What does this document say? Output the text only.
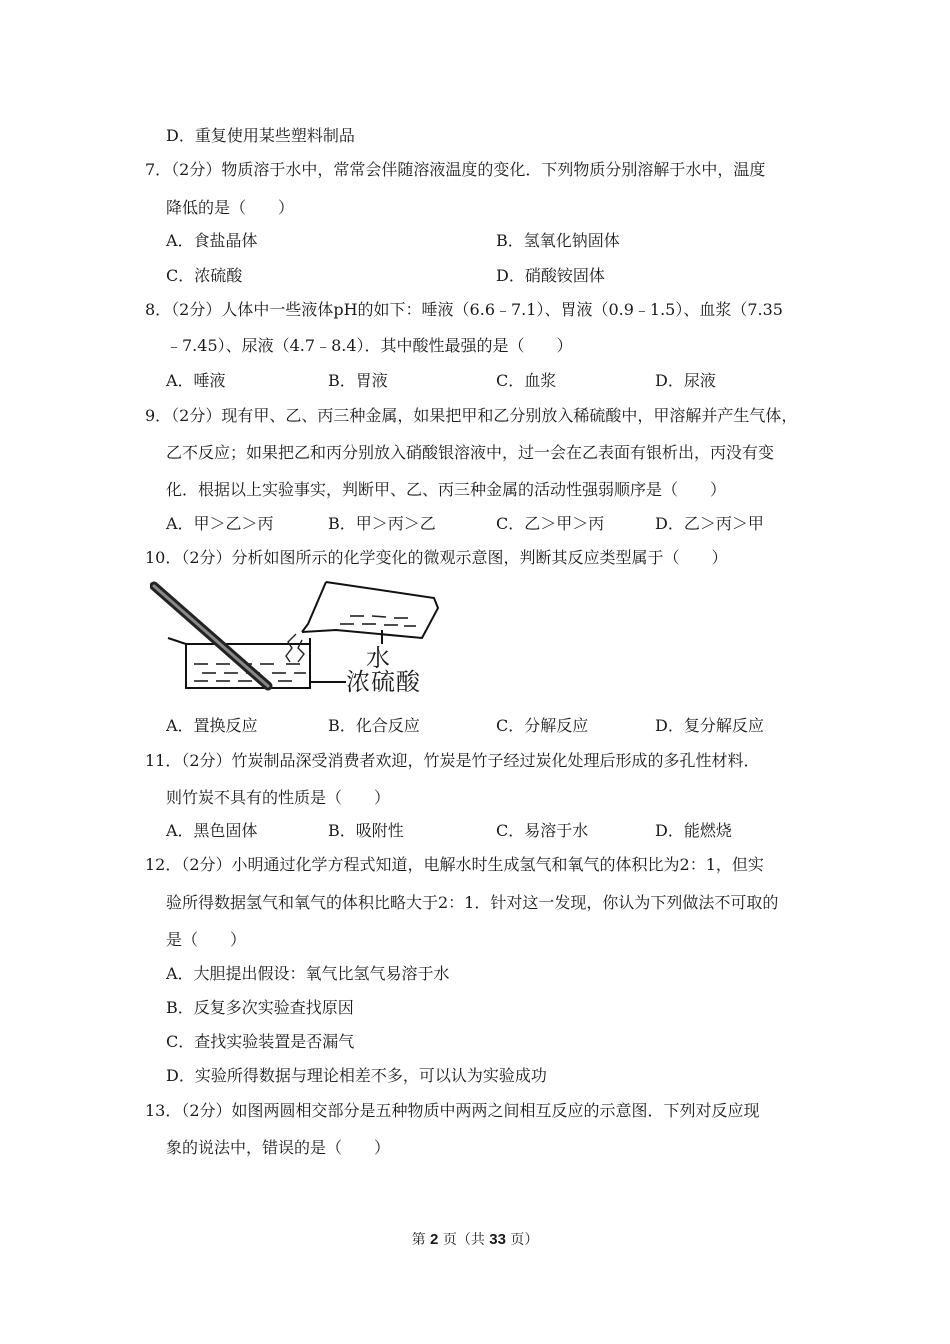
D．重复使用某些塑料制品
7．（2分）物质溶于水中，常常会伴随溶液温度的变化．下列物质分别溶解于水中，温度
降低的是（　　）
A．食盐晶体	B．氢氧化钠固体
C．浓硫酸	D．硝酸铵固体
8．（2分）人体中一些液体pH的如下：唾液（6.6﹣7.1）、胃液（0.9﹣1.5）、血浆（7.35
﹣7.45）、尿液（4.7﹣8.4）．其中酸性最强的是（　　）
A．唾液	B．胃液	C．血浆	D．尿液
9．（2分）现有甲、乙、丙三种金属，如果把甲和乙分别放入稀硫酸中，甲溶解并产生气体，
乙不反应；如果把乙和丙分别放入硝酸银溶液中，过一会在乙表面有银析出，丙没有变
化．根据以上实验事实，判断甲、乙、丙三种金属的活动性强弱顺序是（　　）
A．甲＞乙＞丙	B．甲＞丙＞乙	C．乙＞甲＞丙	D．乙＞丙＞甲
10．（2分）分析如图所示的化学变化的微观示意图，判断其反应类型属于（　　）
水
浓硫酸
A．置换反应	B．化合反应	C．分解反应	D．复分解反应
11．（2分）竹炭制品深受消费者欢迎，竹炭是竹子经过炭化处理后形成的多孔性材料．
则竹炭不具有的性质是（　　）
A．黑色固体	B．吸附性	C．易溶于水	D．能燃烧
12．（2分）小明通过化学方程式知道，电解水时生成氢气和氧气的体积比为2：1，但实
验所得数据氢气和氧气的体积比略大于2：1．针对这一发现，你认为下列做法不可取的
是（　　）
A．大胆提出假设：氧气比氢气易溶于水
B．反复多次实验查找原因
C．查找实验装置是否漏气
D．实验所得数据与理论相差不多，可以认为实验成功
13．（2分）如图两圆相交部分是五种物质中两两之间相互反应的示意图．下列对反应现
象的说法中，错误的是（　　）
第 2 页（共 33 页）
